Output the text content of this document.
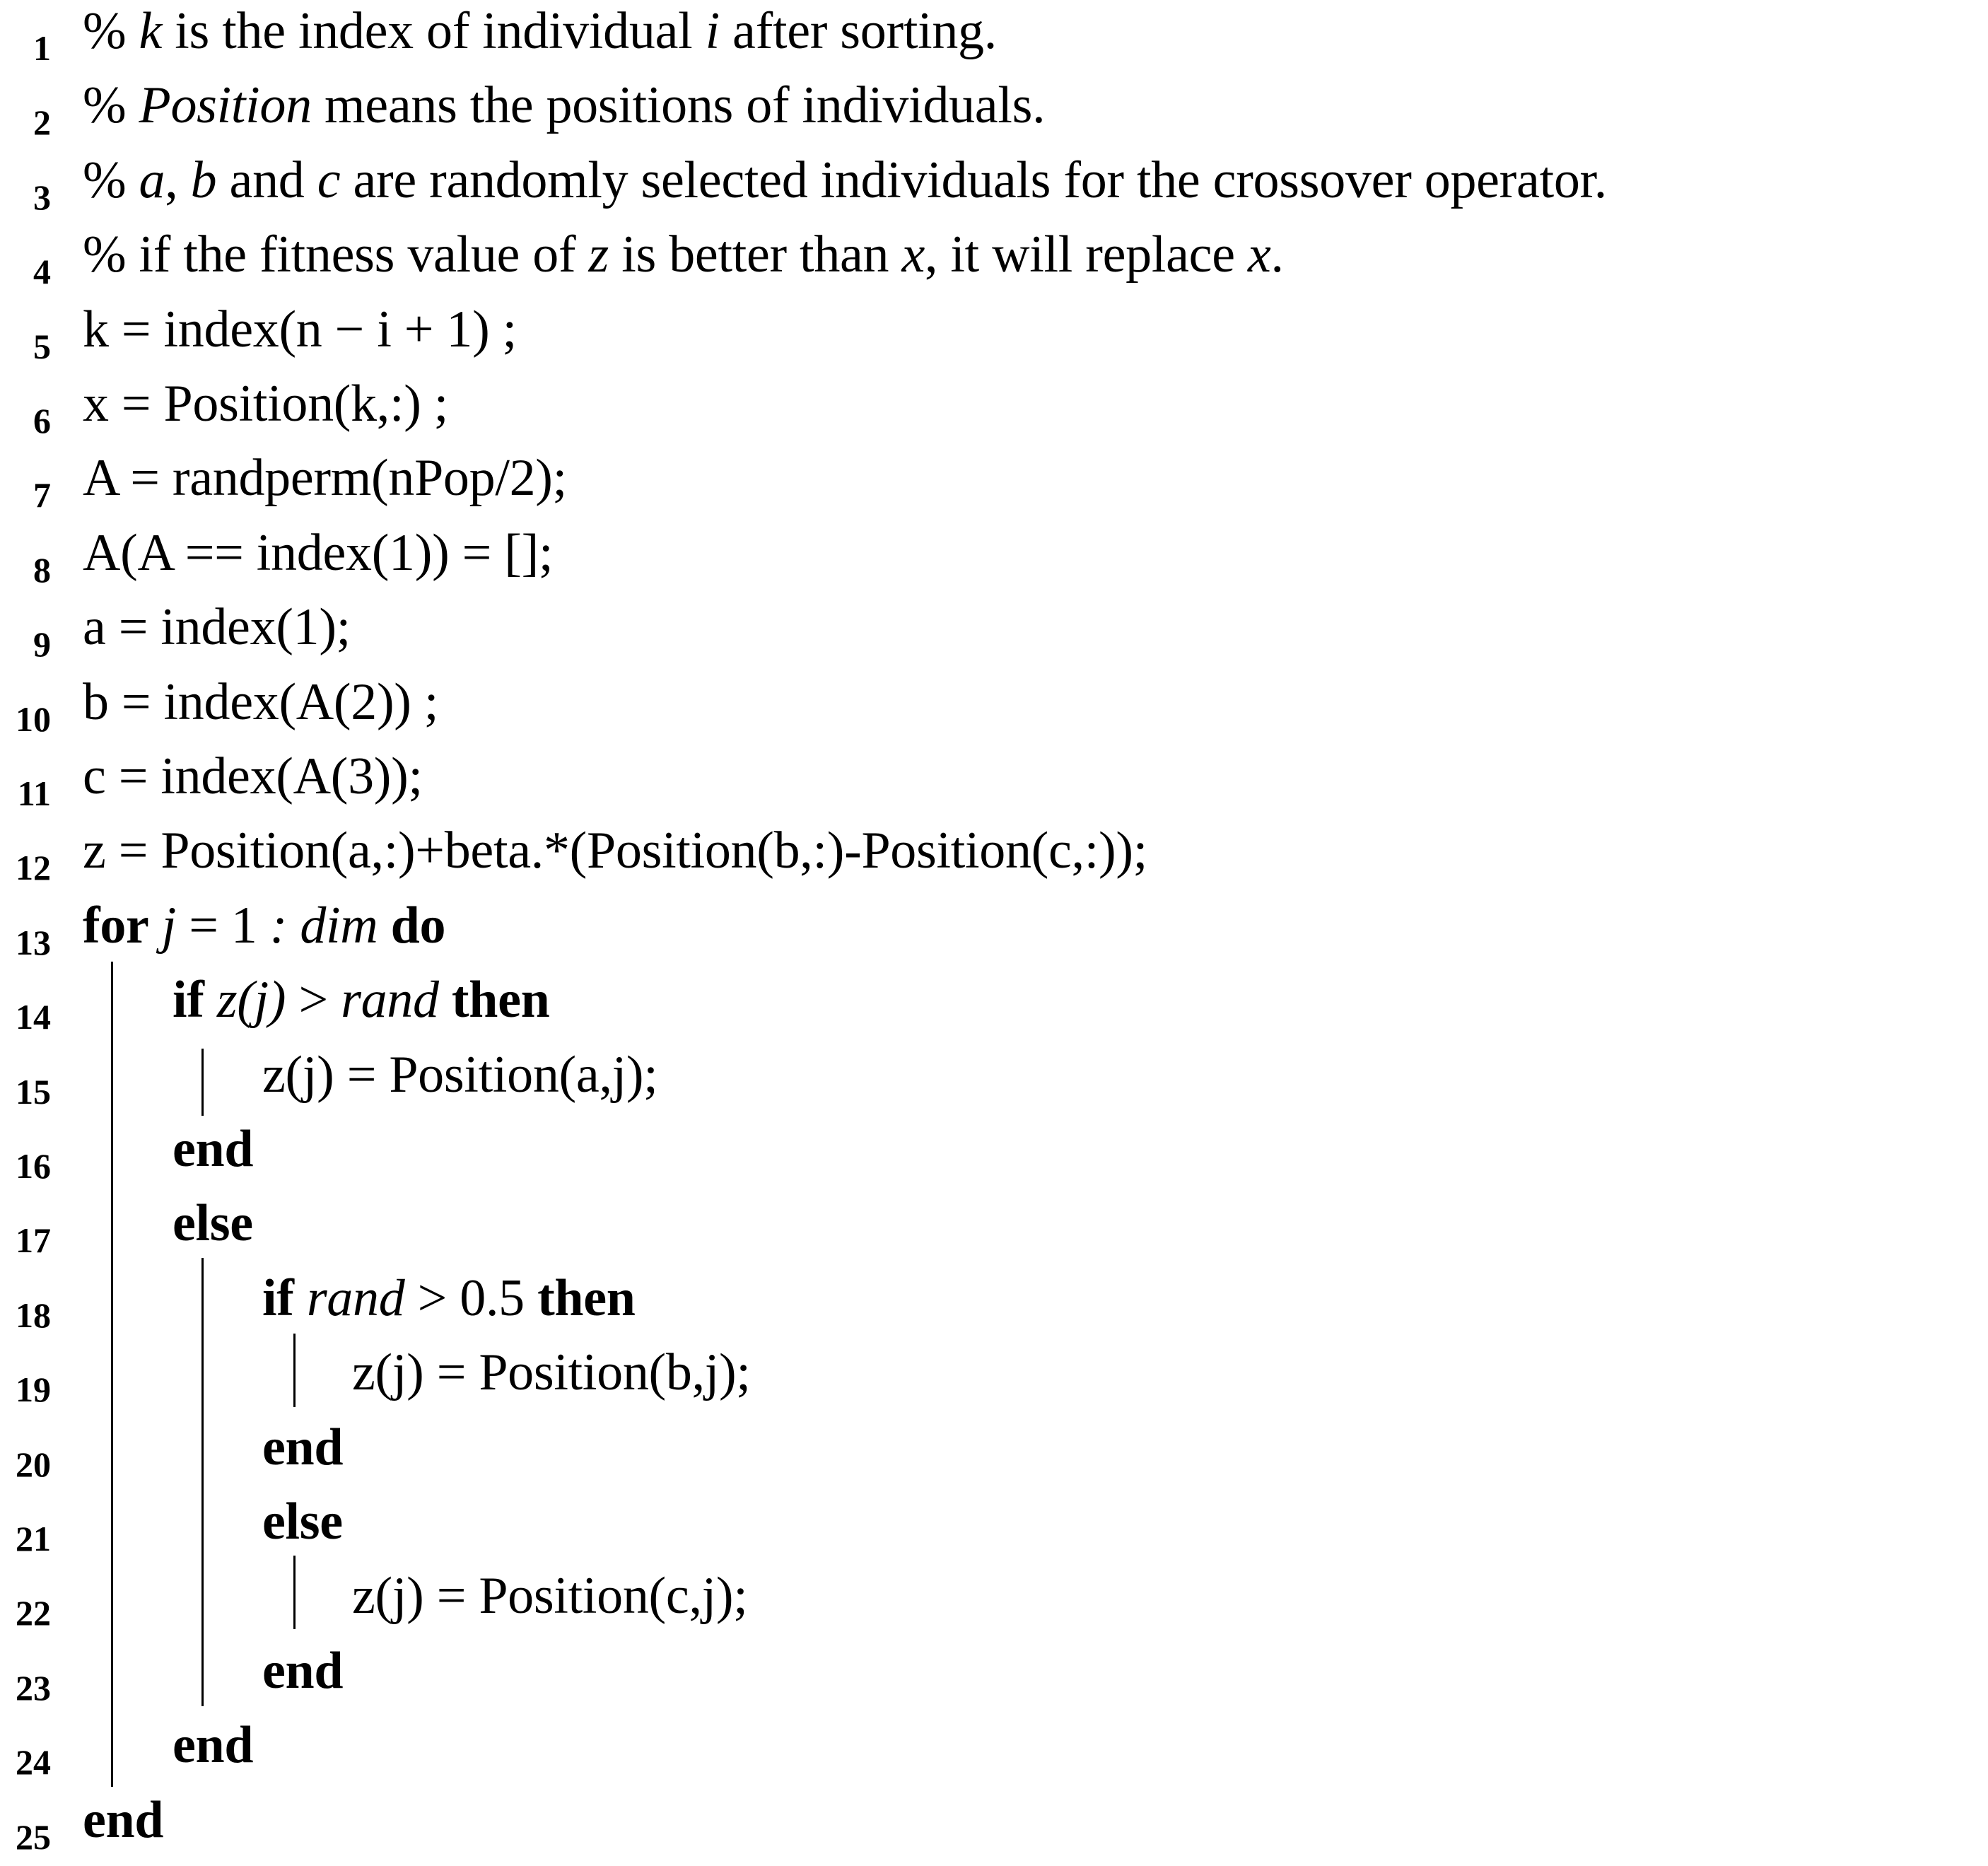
1 % k is the index of individual i after sorting.
2 % Position means the positions of individuals.
3 % a, b and c are randomly selected individuals for the crossover operator.
4 % if the fitness value of z is better than x, it will replace x.
5 k = index(n − i + 1) ;
6 x = Position(k,:) ;
7 A = randperm(nPop/2);
8 A(A == index(1)) = [];
9 a = index(1);
10 b = index(A(2)) ;
11 c = index(A(3));
12 z = Position(a,:)+beta.*(Position(b,:)-Position(c,:));
13 for j = 1 : dim do
14 if z(j) > rand then
15	z(j) = Position(a,j);
16 end
17 else
18	if rand > 0.5 then
19	z(j) = Position(b,j);
20	end
21	else
22	z(j) = Position(c,j);
23	end
24 end
25 end
